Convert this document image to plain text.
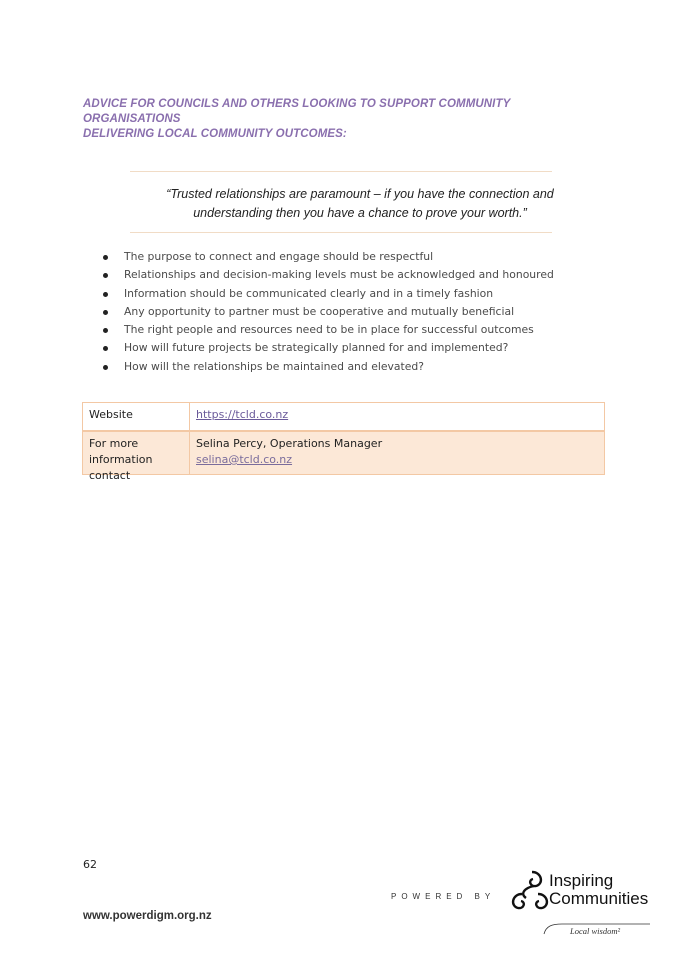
ADVICE FOR COUNCILS AND OTHERS LOOKING TO SUPPORT COMMUNITY ORGANISATIONS
DELIVERING LOCAL COMMUNITY OUTCOMES:
“Trusted relationships are paramount – if you have the connection and
understanding then you have a chance to prove your worth.”
The purpose to connect and engage should be respectful
Relationships and decision-making levels must be acknowledged and honoured
Information should be communicated clearly and in a timely fashion
Any opportunity to partner must be cooperative and mutually beneficial
The right people and resources need to be in place for successful outcomes
How will future projects be strategically planned for and implemented?
How will the relationships be maintained and elevated?
Website	https://tcld.co.nz
For more
information contact
Selina Percy, Operations Manager
selina@tcld.co.nz
62
www.powerdigm.org.nz
POWERED BY
Inspiring
Communities
Local wisdom²
